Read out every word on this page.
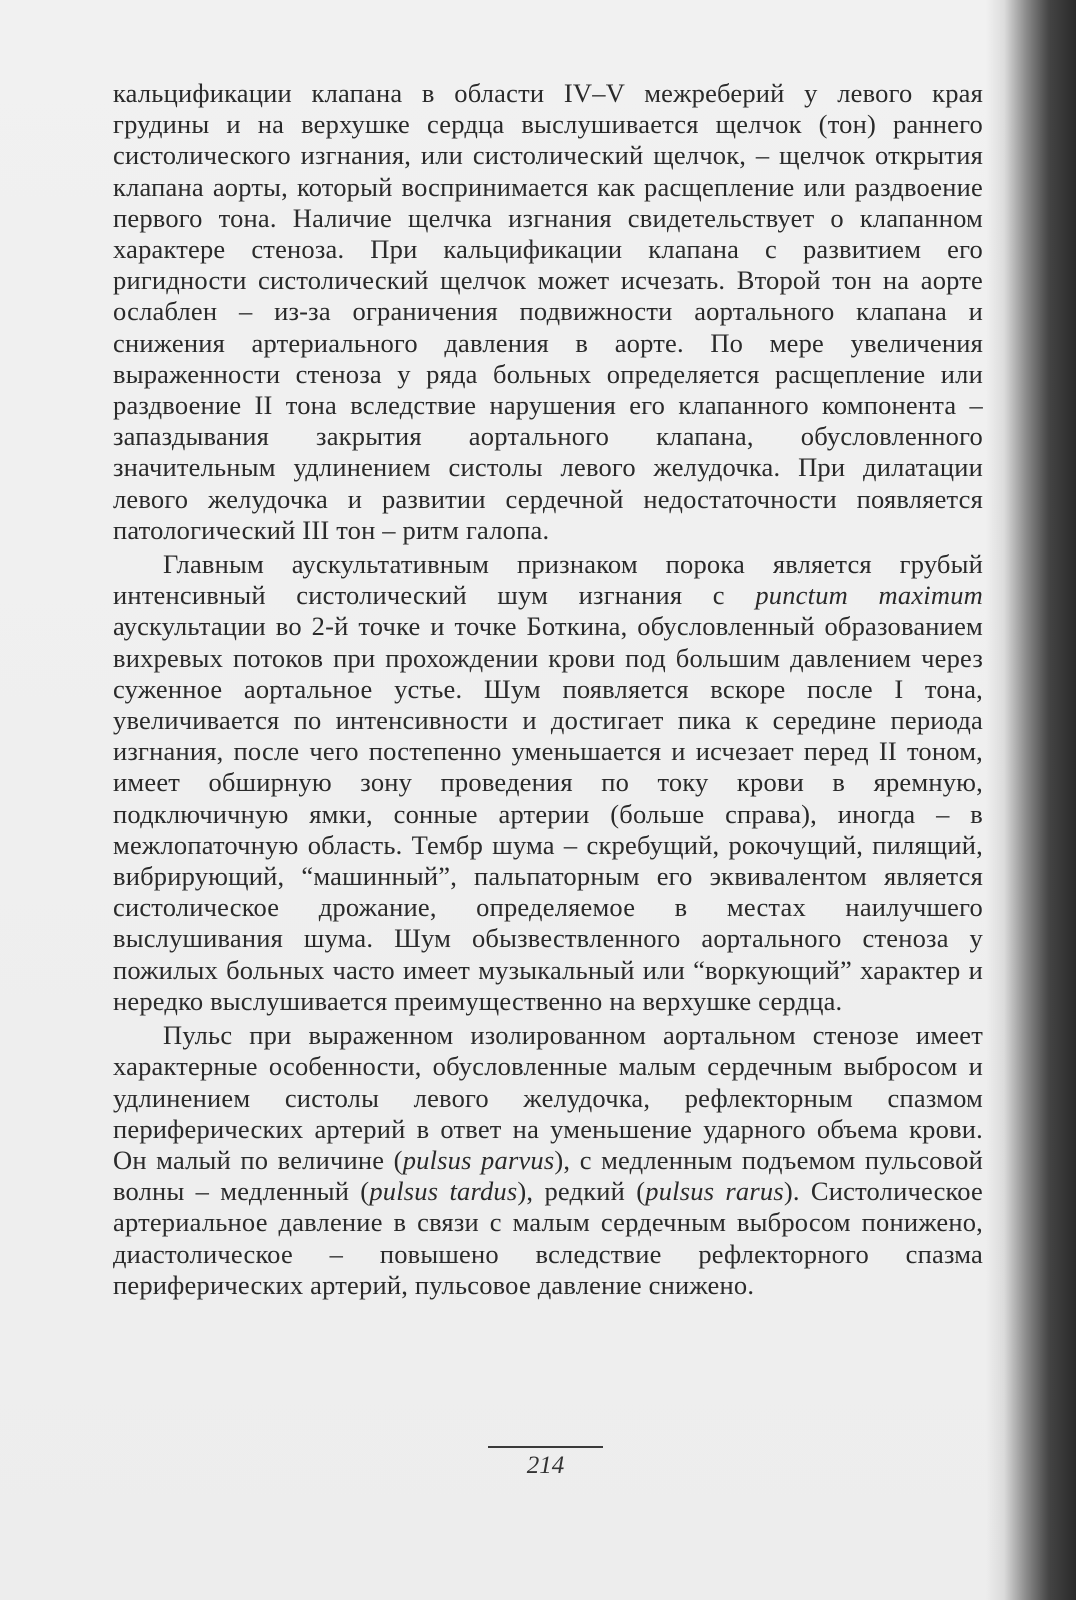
кальцификации клапана в области IV–V межреберий у левого края грудины и на верхушке сердца выслушивается щелчок (тон) раннего систолического изгнания, или систолический щелчок, – щелчок открытия клапана аорты, который воспринимается как расщепление или раздвоение первого тона. Наличие щелчка изгнания свидетельствует о клапанном характере стеноза. При кальцификации клапана с развитием его ригидности систолический щелчок может исчезать. Второй тон на аорте ослаблен – из-за ограничения подвижности аортального клапана и снижения артериального давления в аорте. По мере увеличения выраженности стеноза у ряда больных определяется расщепление или раздвоение II тона вследствие нарушения его клапанного компонента – запаздывания закрытия аортального клапана, обусловленного значительным удлинением систолы левого желудочка. При дилатации левого желудочка и развитии сердечной недостаточности появляется патологический III тон – ритм галопа.

Главным аускультативным признаком порока является грубый интенсивный систолический шум изгнания с punctum maximum аускультации во 2-й точке и точке Боткина, обусловленный образованием вихревых потоков при прохождении крови под большим давлением через суженное аортальное устье. Шум появляется вскоре после I тона, увеличивается по интенсивности и достигает пика к середине периода изгнания, после чего постепенно уменьшается и исчезает перед II тоном, имеет обширную зону проведения по току крови в яремную, подключичную ямки, сонные артерии (больше справа), иногда – в межлопаточную область. Тембр шума – скребущий, рокочущий, пилящий, вибрирующий, “машинный”, пальпаторным его эквивалентом является систолическое дрожание, определяемое в местах наилучшего выслушивания шума. Шум обызвествленного аортального стеноза у пожилых больных часто имеет музыкальный или “воркующий” характер и нередко выслушивается преимущественно на верхушке сердца.

Пульс при выраженном изолированном аортальном стенозе имеет характерные особенности, обусловленные малым сердечным выбросом и удлинением систолы левого желудочка, рефлекторным спазмом периферических артерий в ответ на уменьшение ударного объема крови. Он малый по величине (pulsus parvus), с медленным подъемом пульсовой волны – медленный (pulsus tardus), редкий (pulsus rarus). Систолическое артериальное давление в связи с малым сердечным выбросом понижено, диастолическое – повышено вследствие рефлекторного спазма периферических артерий, пульсовое давление снижено.

214
